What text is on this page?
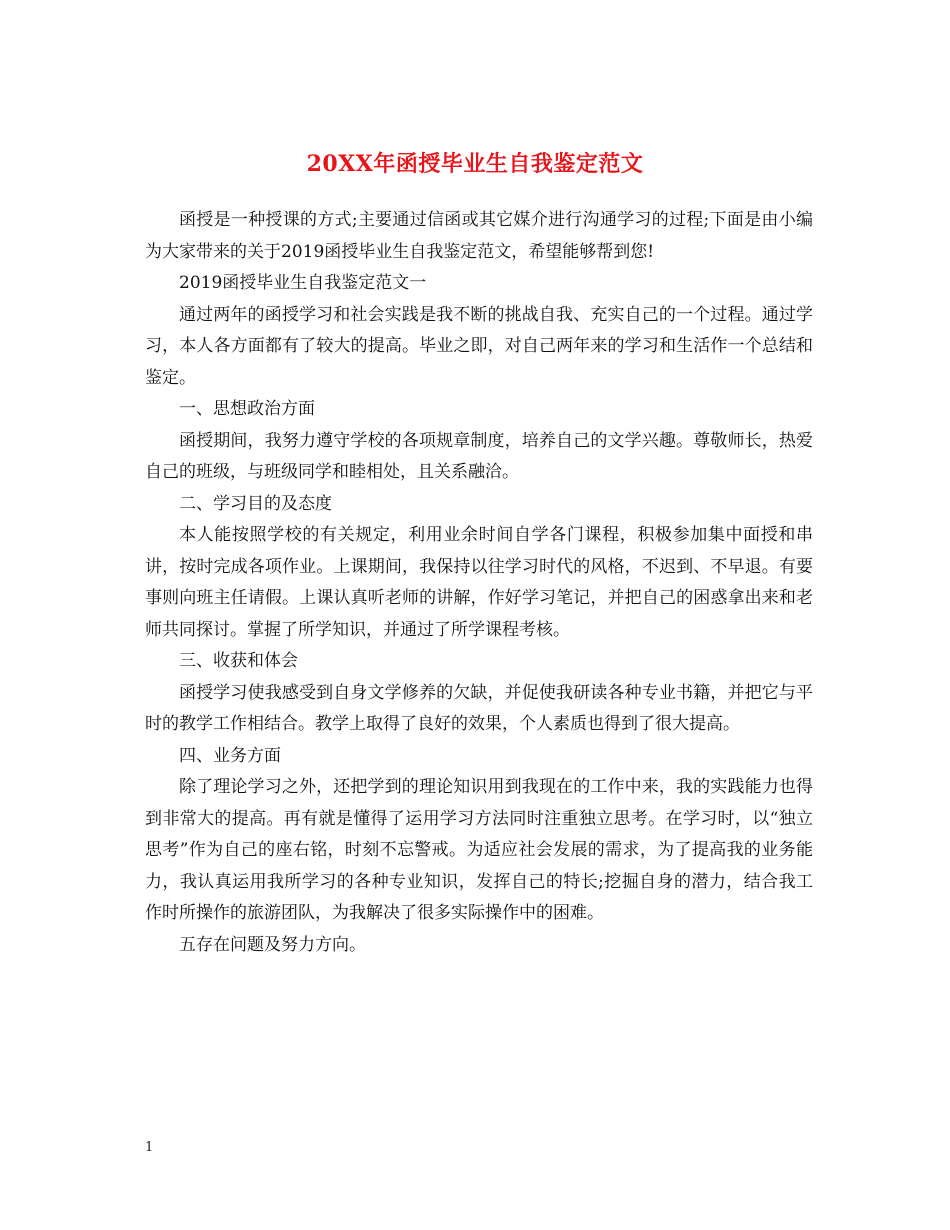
20XX年函授毕业生自我鉴定范文

函授是一种授课的方式;主要通过信函或其它媒介进行沟通学习的过程;下面是由小编为大家带来的关于2019函授毕业生自我鉴定范文，希望能够帮到您!

2019函授毕业生自我鉴定范文一

通过两年的函授学习和社会实践是我不断的挑战自我、充实自己的一个过程。通过学习，本人各方面都有了较大的提高。毕业之即，对自己两年来的学习和生活作一个总结和鉴定。

一、思想政治方面

函授期间，我努力遵守学校的各项规章制度，培养自己的文学兴趣。尊敬师长，热爱自己的班级，与班级同学和睦相处，且关系融洽。

二、学习目的及态度

本人能按照学校的有关规定，利用业余时间自学各门课程，积极参加集中面授和串讲，按时完成各项作业。上课期间，我保持以往学习时代的风格，不迟到、不早退。有要事则向班主任请假。上课认真听老师的讲解，作好学习笔记，并把自己的困惑拿出来和老师共同探讨。掌握了所学知识，并通过了所学课程考核。

三、收获和体会

函授学习使我感受到自身文学修养的欠缺，并促使我研读各种专业书籍，并把它与平时的教学工作相结合。教学上取得了良好的效果，个人素质也得到了很大提高。

四、业务方面

除了理论学习之外，还把学到的理论知识用到我现在的工作中来，我的实践能力也得到非常大的提高。再有就是懂得了运用学习方法同时注重独立思考。在学习时，以“独立思考”作为自己的座右铭，时刻不忘警戒。为适应社会发展的需求，为了提高我的业务能力，我认真运用我所学习的各种专业知识，发挥自己的特长;挖掘自身的潜力，结合我工作时所操作的旅游团队，为我解决了很多实际操作中的困难。

五存在问题及努力方向。

1
